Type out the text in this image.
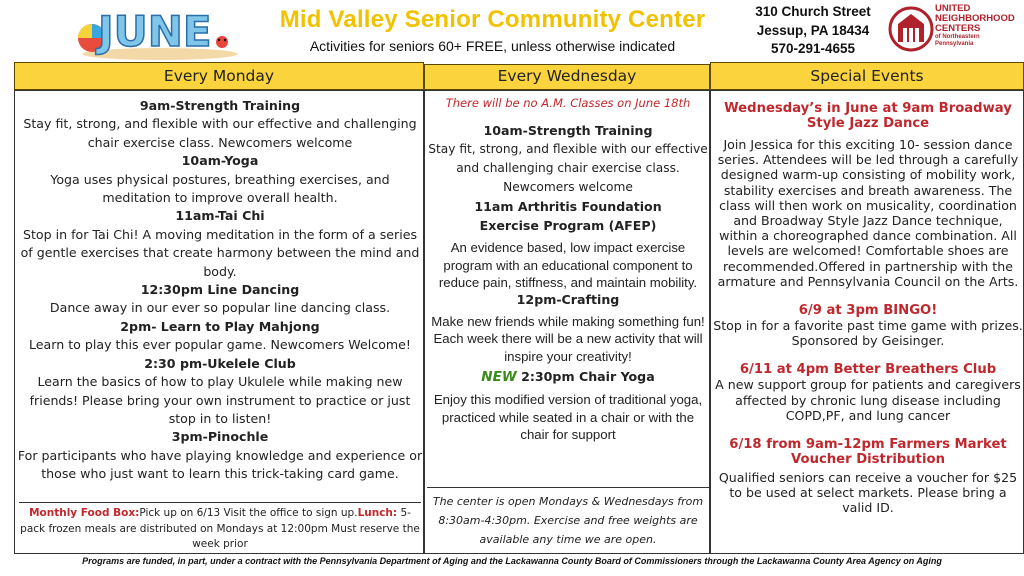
JUNE	Mid Valley Senior Community Center
Activities for seniors 60+ FREE, unless otherwise indicated
310 Church Street
Jessup, PA 18434
570-291-4655
UNITED
NEIGHBORHOOD
CENTERS
of Northeastern
Pennsylvania
Every Monday	Every Wednesday	Special Events
9am-Strength Training
Stay fit, strong, and flexible with our effective and challenging chair exercise class. Newcomers welcome
10am-Yoga
Yoga uses physical postures, breathing exercises, and meditation to improve overall health.
11am-Tai Chi
Stop in for Tai Chi! A moving meditation in the form of a series of gentle exercises that create harmony between the mind and body.
12:30pm Line Dancing
Dance away in our ever so popular line dancing class.
2pm- Learn to Play Mahjong
Learn to play this ever popular game. Newcomers Welcome!
2:30 pm-Ukelele Club
Learn the basics of how to play Ukulele while making new friends! Please bring your own instrument to practice or just stop in to listen!
3pm-Pinochle
For participants who have playing knowledge and experience or those who just want to learn this trick-taking card game.
Monthly Food Box:Pick up on 6/13 Visit the office to sign up.Lunch: 5-pack frozen meals are distributed on Mondays at 12:00pm Must reserve the week prior
There will be no A.M. Classes on June 18th
10am-Strength Training
Stay fit, strong, and flexible with our effective and challenging chair exercise class. Newcomers welcome
11am Arthritis Foundation Exercise Program (AFEP)
An evidence based, low impact exercise program with an educational component to reduce pain, stiffness, and maintain mobility.
12pm-Crafting
Make new friends while making something fun! Each week there will be a new activity that will inspire your creativity!
NEW 2:30pm Chair Yoga
Enjoy this modified version of traditional yoga, practiced while seated in a chair or with the chair for support
The center is open Mondays & Wednesdays from 8:30am-4:30pm. Exercise and free weights are available any time we are open.
Wednesday’s in June at 9am Broadway Style Jazz Dance
Join Jessica for this exciting 10- session dance series. Attendees will be led through a carefully designed warm-up consisting of mobility work, stability exercises and breath awareness. The class will then work on musicality, coordination and Broadway Style Jazz Dance technique, within a choreographed dance combination. All levels are welcomed! Comfortable shoes are recommended.Offered in partnership with the armature and Pennsylvania Council on the Arts.
6/9 at 3pm BINGO!
Stop in for a favorite past time game with prizes. Sponsored by Geisinger.
6/11 at 4pm Better Breathers Club
A new support group for patients and caregivers affected by chronic lung disease including COPD,PF, and lung cancer
6/18 from 9am-12pm Farmers Market Voucher Distribution
Qualified seniors can receive a voucher for $25 to be used at select markets. Please bring a valid ID.
Programs are funded, in part, under a contract with the Pennsylvania Department of Aging and the Lackawanna County Board of Commissioners through the Lackawanna County Area Agency on Aging
